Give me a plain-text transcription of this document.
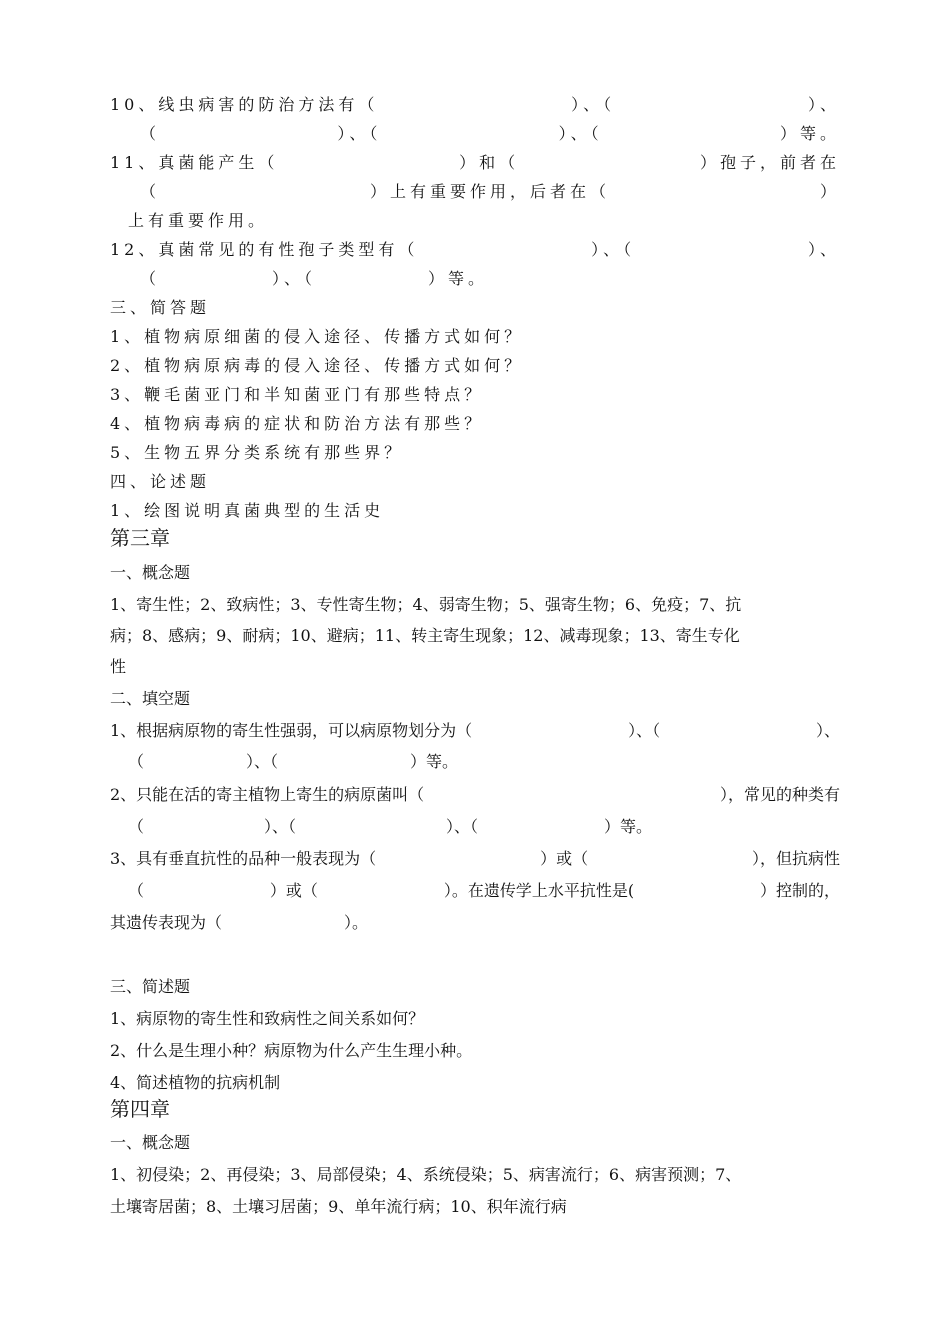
10、线虫病害的防治方法有（	）、（	）、
（	）、（	）、（	）等。
11、真菌能产生（	）和（	）孢子，前者在
（	）上有重要作用，后者在（	）
上有重要作用。
12、真菌常见的有性孢子类型有（	）、（	）、
（	）、（	）等。
三、简答题
1、植物病原细菌的侵入途径、传播方式如何？
2、植物病原病毒的侵入途径、传播方式如何？
3、鞭毛菌亚门和半知菌亚门有那些特点？
4、植物病毒病的症状和防治方法有那些？
5、生物五界分类系统有那些界？
四、论述题
1、绘图说明真菌典型的生活史
第三章
一、概念题
1、寄生性；2、致病性；3、专性寄生物；4、弱寄生物；5、强寄生物；6、免疫；7、抗
病；8、感病；9、耐病；10、避病；11、转主寄生现象；12、减毒现象；13、寄生专化
性
二、填空题
1、根据病原物的寄生性强弱，可以病原物划分为（	）、（	）、
（	）、（	）等。
2、只能在活的寄主植物上寄生的病原菌叫（	），常见的种类有
（	）、（	）、（	）等。
3、具有垂直抗性的品种一般表现为（	）或（	），但抗病性
（	）或（	）。在遗传学上水平抗性是(	）控制的，
其遗传表现为（	）。
三、简述题
1、病原物的寄生性和致病性之间关系如何？
2、什么是生理小种？病原物为什么产生生理小种。
4、简述植物的抗病机制
第四章
一、概念题
1、初侵染；2、再侵染；3、局部侵染；4、系统侵染；5、病害流行；6、病害预测；7、
土壤寄居菌；8、土壤习居菌；9、单年流行病；10、积年流行病
